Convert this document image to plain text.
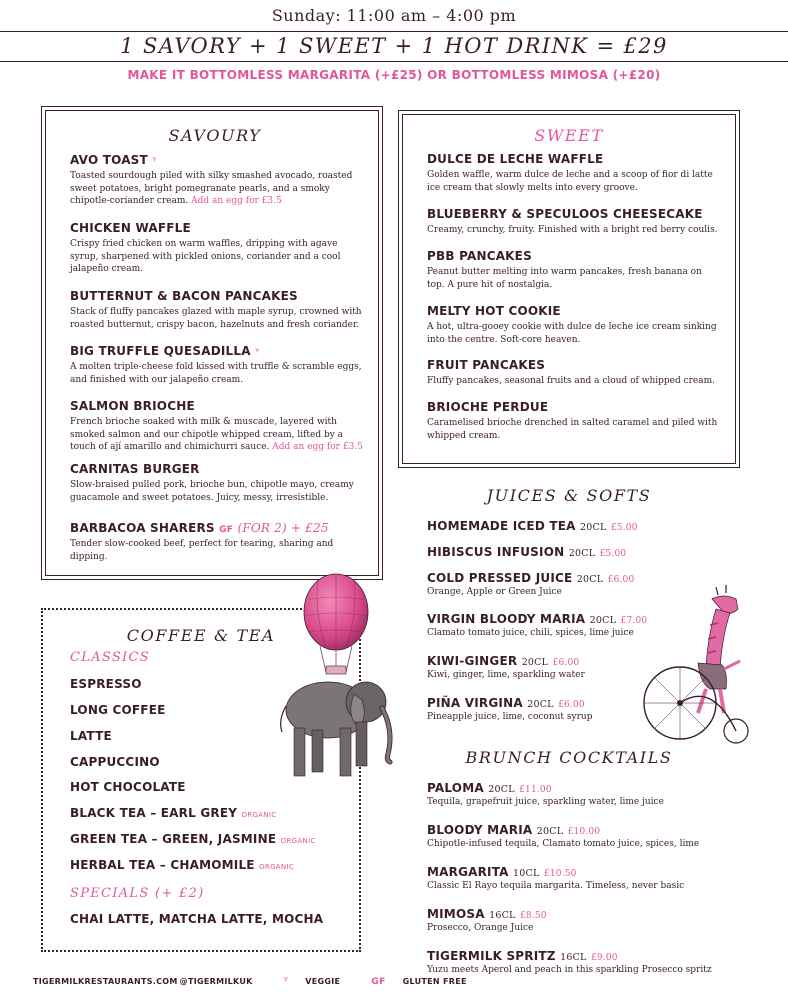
Sunday: 11:00 am – 4:00 pm
1 SAVORY + 1 SWEET + 1 HOT DRINK = £29
MAKE IT BOTTOMLESS MARGARITA (+£25) OR BOTTOMLESS MIMOSA (+£20)
SAVOURY
AVO TOAST ᵞ
Toasted sourdough piled with silky smashed avocado, roasted sweet potatoes, bright pomegranate pearls, and a smoky chipotle-coriander cream. Add an egg for £3.5
CHICKEN WAFFLE
Crispy fried chicken on warm waffles, dripping with agave syrup, sharpened with pickled onions, coriander and a cool jalapeño cream.
BUTTERNUT & BACON PANCAKES
Stack of fluffy pancakes glazed with maple syrup, crowned with roasted butternut, crispy bacon, hazelnuts and fresh coriander.
BIG TRUFFLE QUESADILLA ᵞ
A molten triple-cheese fold kissed with truffle & scramble eggs, and finished with our jalapeño cream.
SALMON BRIOCHE
French brioche soaked with milk & muscade, layered with smoked salmon and our chipotle whipped cream, lifted by a touch of ají amarillo and chimichurri sauce. Add an egg for £3.5
CARNITAS BURGER
Slow-braised pulled pork, brioche bun, chipotle mayo, creamy guacamole and sweet potatoes. Juicy, messy, irresistible.
BARBACOA SHARERS GF (FOR 2) + £25
Tender slow-cooked beef, perfect for tearing, sharing and dipping.
SWEET
DULCE DE LECHE WAFFLE
Golden waffle, warm dulce de leche and a scoop of fior di latte ice cream that slowly melts into every groove.
BLUEBERRY & SPECULOOS CHEESECAKE
Creamy, crunchy, fruity. Finished with a bright red berry coulis.
PBB PANCAKES
Peanut butter melting into warm pancakes, fresh banana on top. A pure hit of nostalgia.
MELTY HOT COOKIE
A hot, ultra-gooey cookie with dulce de leche ice cream sinking into the centre. Soft-core heaven.
FRUIT PANCAKES
Fluffy pancakes, seasonal fruits and a cloud of whipped cream.
BRIOCHE PERDUE
Caramelised brioche drenched in salted caramel and piled with whipped cream.
JUICES & SOFTS
HOMEMADE ICED TEA 20CL £5.00
HIBISCUS INFUSION 20CL £5.00
COLD PRESSED JUICE 20CL £6.00
Orange, Apple or Green Juice
VIRGIN BLOODY MARIA 20CL £7.00
Clamato tomato juice, chili, spices, lime juice
KIWI-GINGER 20CL £6.00
Kiwi, ginger, lime, sparkling water
PIÑA VIRGINA 20CL £6.00
Pineapple juice, lime, coconut syrup
BRUNCH COCKTAILS
PALOMA 20CL £11.00
Tequila, grapefruit juice, sparkling water, lime juice
BLOODY MARIA 20CL £10.00
Chipotle-infused tequila, Clamato tomato juice, spices, lime
MARGARITA 10CL £10.50
Classic El Rayo tequila margarita. Timeless, never basic
MIMOSA 16CL £8.50
Prosecco, Orange Juice
TIGERMILK SPRITZ 16CL £9.00
Yuzu meets Aperol and peach in this sparkling Prosecco spritz
COFFEE & TEA
CLASSICS
ESPRESSO
LONG COFFEE
LATTE
CAPPUCCINO
HOT CHOCOLATE
BLACK TEA – EARL GREY ORGANIC
GREEN TEA – GREEN, JASMINE ORGANIC
HERBAL TEA – CHAMOMILE ORGANIC
SPECIALS (+ £2)
CHAI LATTE, MATCHA LATTE, MOCHA
TIGERMILKRESTAURANTS.COM @TIGERMILKUK	ᵞ VEGGIE	GF GLUTEN FREE
